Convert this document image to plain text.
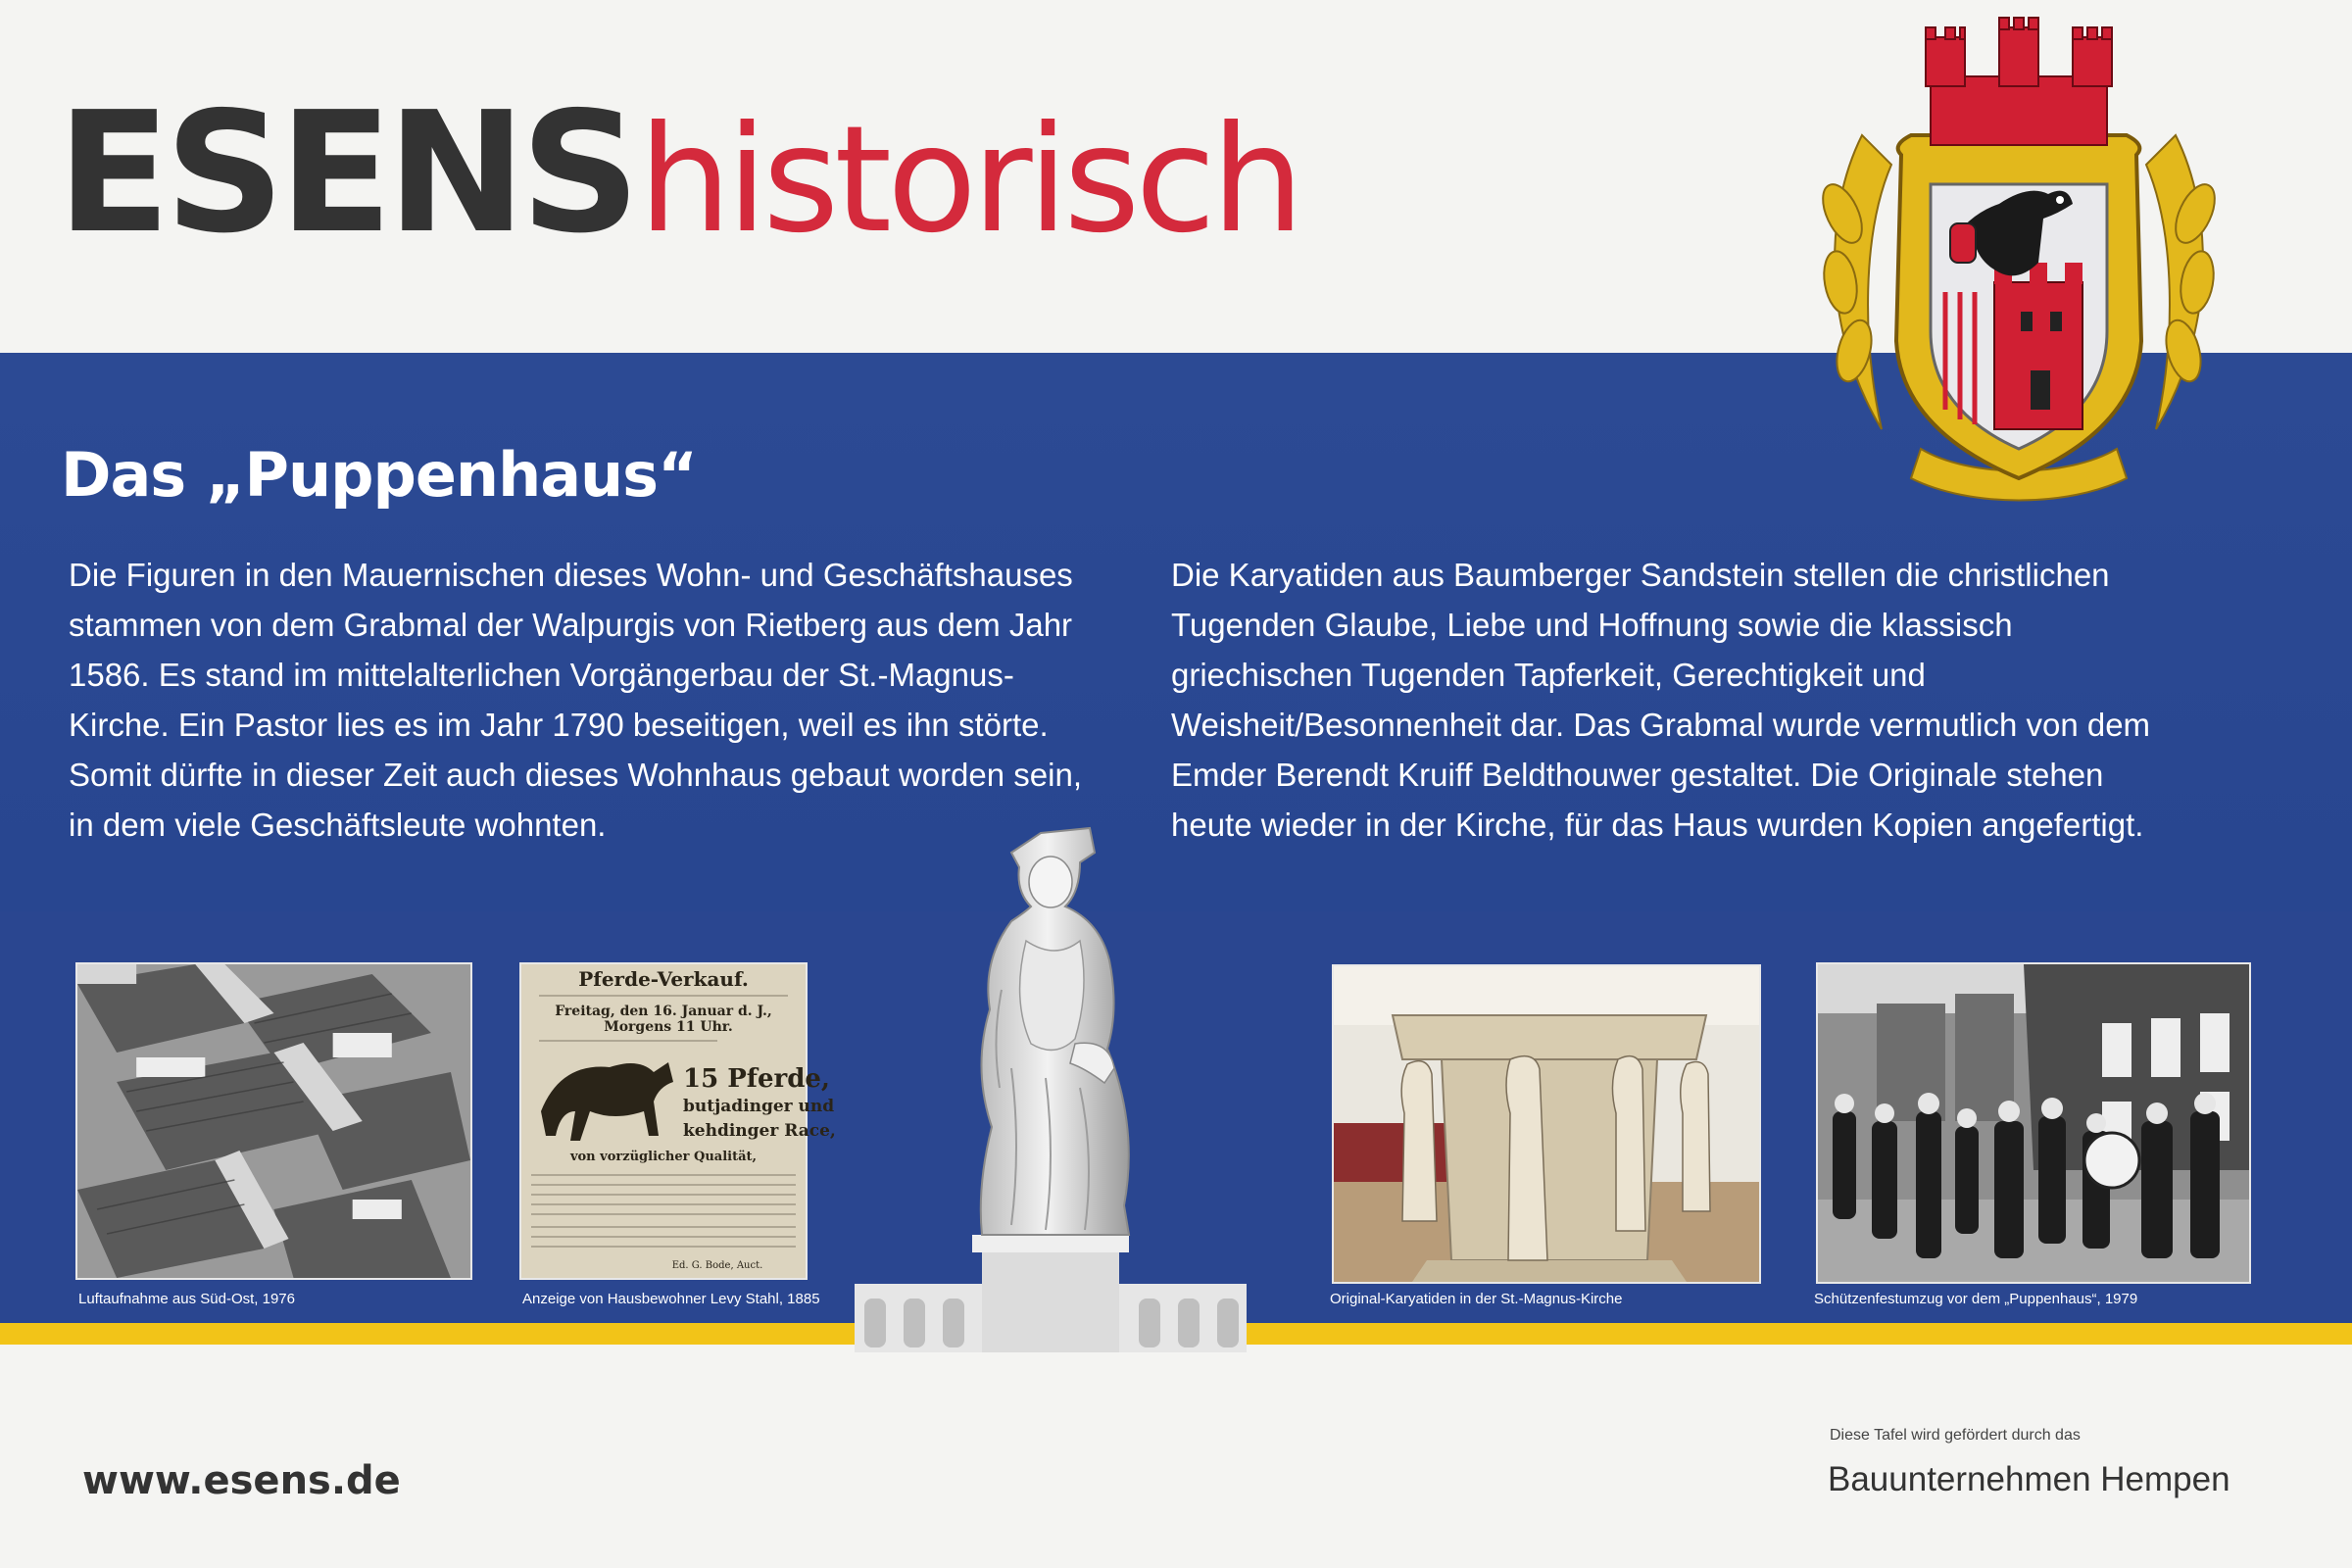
ESENShistorisch
Das „Puppenhaus“
Die Figuren in den Mauernischen dieses Wohn- und Geschäftshauses
stammen von dem Grabmal der Walpurgis von Rietberg aus dem Jahr
1586. Es stand im mittelalterlichen Vorgängerbau der St.-Magnus-
Kirche. Ein Pastor lies es im Jahr 1790 beseitigen, weil es ihn störte.
Somit dürfte in dieser Zeit auch dieses Wohnhaus gebaut worden sein,
in dem viele Geschäftsleute wohnten.
Die Karyatiden aus Baumberger Sandstein stellen die christlichen
Tugenden Glaube, Liebe und Hoffnung sowie die klassisch
griechischen Tugenden Tapferkeit, Gerechtigkeit und
Weisheit/Besonnenheit dar. Das Grabmal wurde vermutlich von dem
Emder Berendt Kruiff Beldthouwer gestaltet. Die Originale stehen
heute wieder in der Kirche, für das Haus wurden Kopien angefertigt.
Luftaufnahme aus Süd-Ost, 1976
Pferde-Verkauf.
Freitag, den 16. Januar d. J.,
Morgens 11 Uhr.
15 Pferde,
butjadinger und
kehdinger Race,
von vorzüglicher Qualität,
Ed. G. Bode, Auct.
Anzeige von Hausbewohner Levy Stahl, 1885	Original-Karyatiden in der St.-Magnus-Kirche	Schützenfestumzug vor dem „Puppenhaus“, 1979
www.esens.de
Diese Tafel wird gefördert durch das
Bauunternehmen Hempen
